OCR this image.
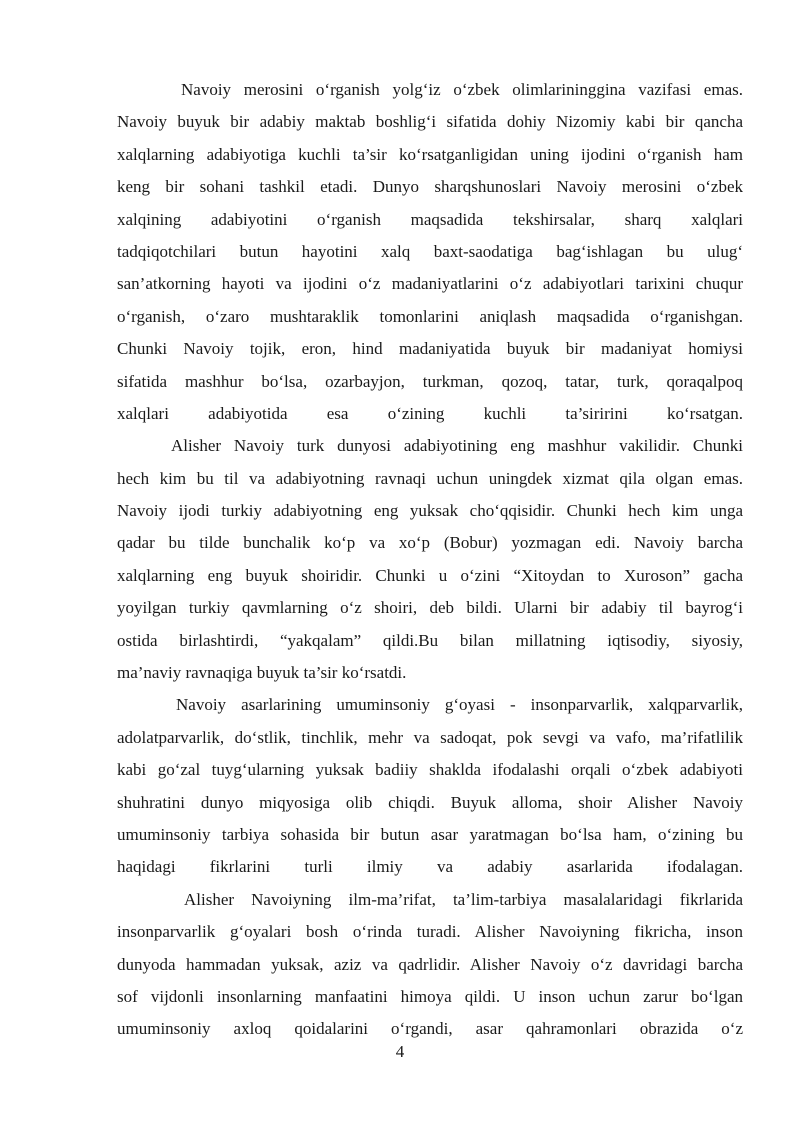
Navoiy merosini o‘rganish yolg‘iz o‘zbek olimlarininggina vazifasi emas.
Navoiy buyuk bir adabiy maktab boshlig‘i sifatida dohiy Nizomiy kabi bir qancha
xalqlarning adabiyotiga kuchli ta’sir ko‘rsatganligidan uning ijodini o‘rganish ham
keng bir sohani tashkil etadi. Dunyo sharqshunoslari Navoiy merosini o‘zbek
xalqining adabiyotini o‘rganish maqsadida tekshirsalar, sharq xalqlari
tadqiqotchilari butun hayotini xalq baxt-saodatiga bag‘ishlagan bu ulug‘
san’atkorning hayoti va ijodini o‘z madaniyatlarini o‘z adabiyotlari tarixini chuqur
o‘rganish, o‘zaro mushtaraklik tomonlarini aniqlash maqsadida o‘rganishgan.
Chunki Navoiy tojik, eron, hind madaniyatida buyuk bir madaniyat homiysi
sifatida mashhur bo‘lsa, ozarbayjon, turkman, qozoq, tatar, turk, qoraqalpoq
xalqlari adabiyotida esa o‘zining kuchli ta’siririni ko‘rsatgan.
Alisher Navoiy turk dunyosi adabiyotining eng mashhur vakilidir. Chunki
hech kim bu til va adabiyotning ravnaqi uchun uningdek xizmat qila olgan emas.
Navoiy ijodi turkiy adabiyotning eng yuksak cho‘qqisidir. Chunki hech kim unga
qadar bu tilde bunchalik ko‘p va xo‘p (Bobur) yozmagan edi. Navoiy barcha
xalqlarning eng buyuk shoiridir. Chunki u o‘zini “Xitoydan to Xuroson” gacha
yoyilgan turkiy qavmlarning o‘z shoiri, deb bildi. Ularni bir adabiy til bayrog‘i
ostida birlashtirdi, “yakqalam” qildi.Bu bilan millatning iqtisodiy, siyosiy,
ma’naviy ravnaqiga buyuk ta’sir ko‘rsatdi.
Navoiy asarlarining umuminsoniy g‘oyasi - insonparvarlik, xalqparvarlik,
adolatparvarlik, do‘stlik, tinchlik, mehr va sadoqat, pok sevgi va vafo, ma’rifatlilik
kabi go‘zal tuyg‘ularning yuksak badiiy shaklda ifodalashi orqali o‘zbek adabiyoti
shuhratini dunyo miqyosiga olib chiqdi. Buyuk alloma, shoir Alisher Navoiy
umuminsoniy tarbiya sohasida bir butun asar yaratmagan bo‘lsa ham, o‘zining bu
haqidagi fikrlarini turli ilmiy va adabiy asarlarida ifodalagan.
Alisher Navoiyning ilm-ma’rifat, ta’lim-tarbiya masalalaridagi fikrlarida
insonparvarlik g‘oyalari bosh o‘rinda turadi. Alisher Navoiyning fikricha, inson
dunyoda hammadan yuksak, aziz va qadrlidir. Alisher Navoiy o‘z davridagi barcha
sof vijdonli insonlarning manfaatini himoya qildi. U inson uchun zarur bo‘lgan
umuminsoniy axloq qoidalarini o‘rgandi, asar qahramonlari obrazida o‘z
4
